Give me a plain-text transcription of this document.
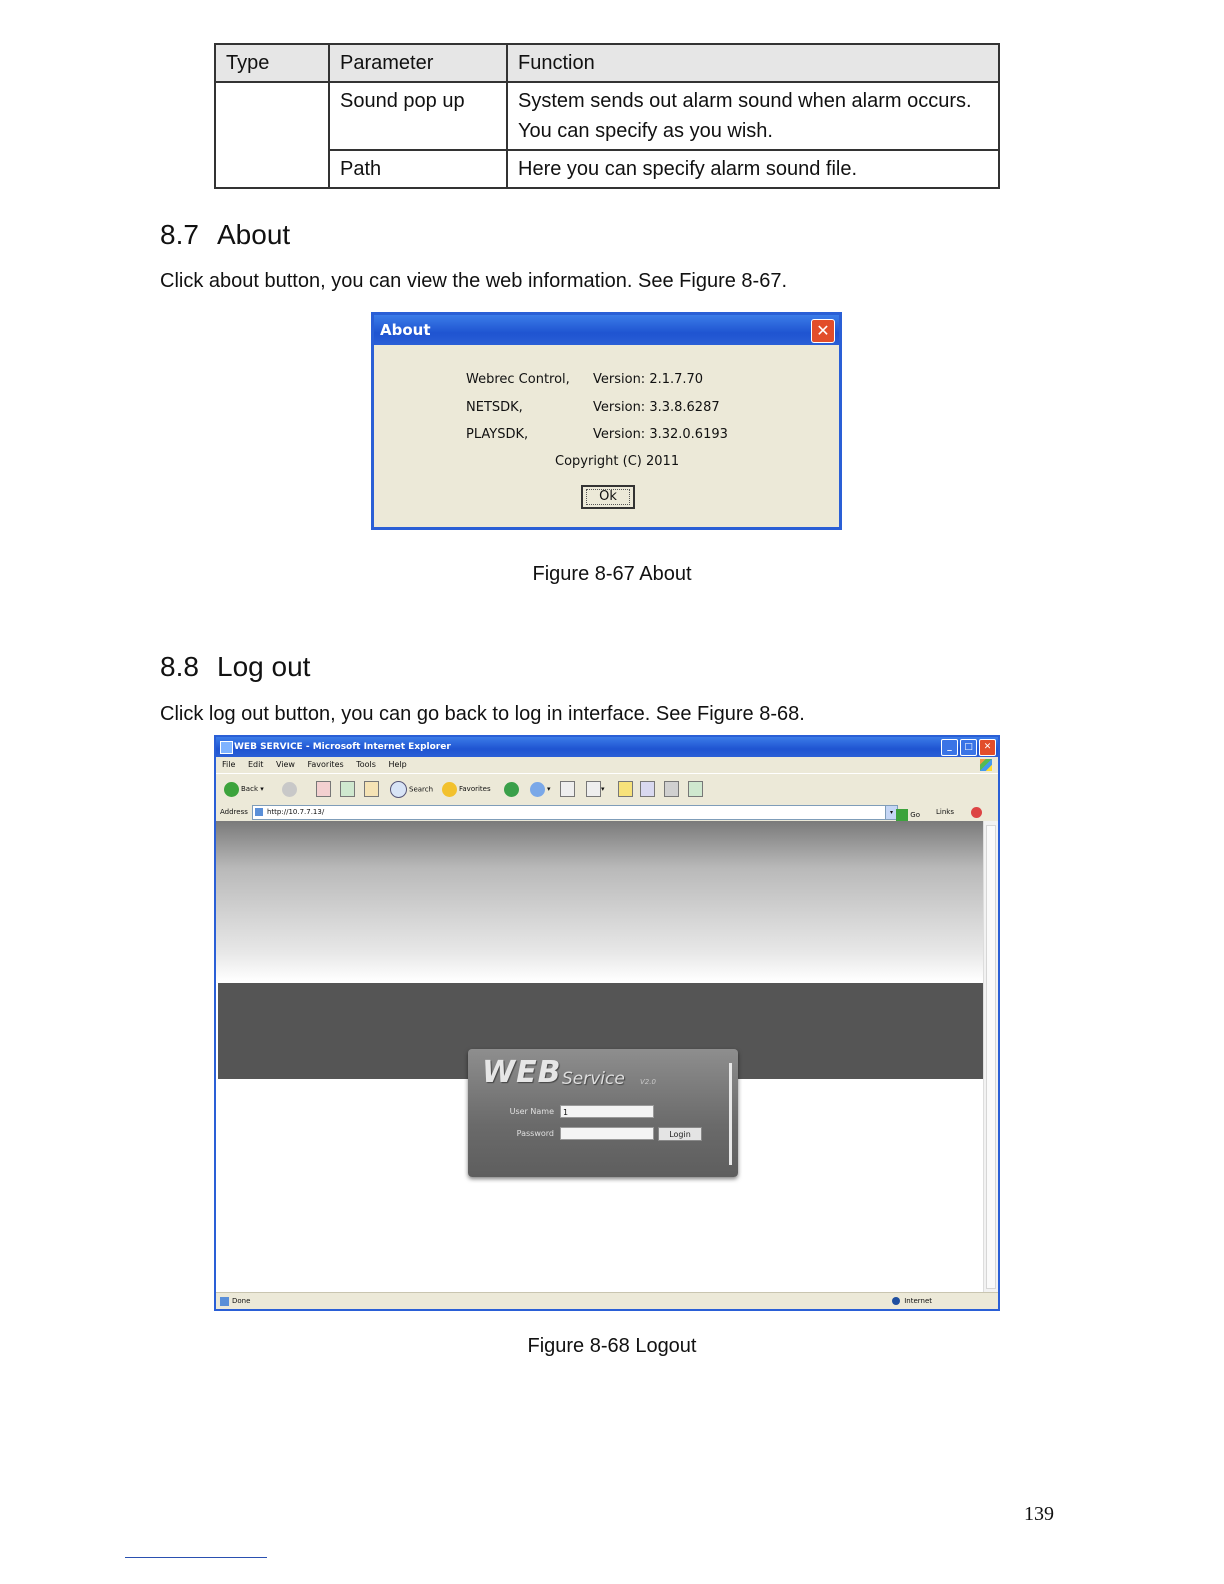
Type	Parameter	Function
	Sound pop up	System sends out alarm sound when alarm occurs.
You can specify as you wish.

	Path	Here you can specify alarm sound file.
8.7 About
Click about button, you can view the web information. See Figure 8-67.
About	✕
Webrec Control, Version: 2.1.7.70
NETSDK,	Version: 3.3.8.6287
PLAYSDK,	Version: 3.32.0.6193
Copyright (C) 2011
Ok
Figure 8-67 About
8.8 Log out
Click log out button, you can go back to log in interface. See Figure 8-68.
WEB SERVICE - Microsoft Internet Explorer	_	□	✕
File Edit View Favorites Tools Help
Back ▾	Search	Favorites	▾	▾
Address	http://10.7.7.13/	▾	Go Links
WEB Service V2.0
User Name	1
Password	Login
Done	Internet
Figure 8-68 Logout
139
